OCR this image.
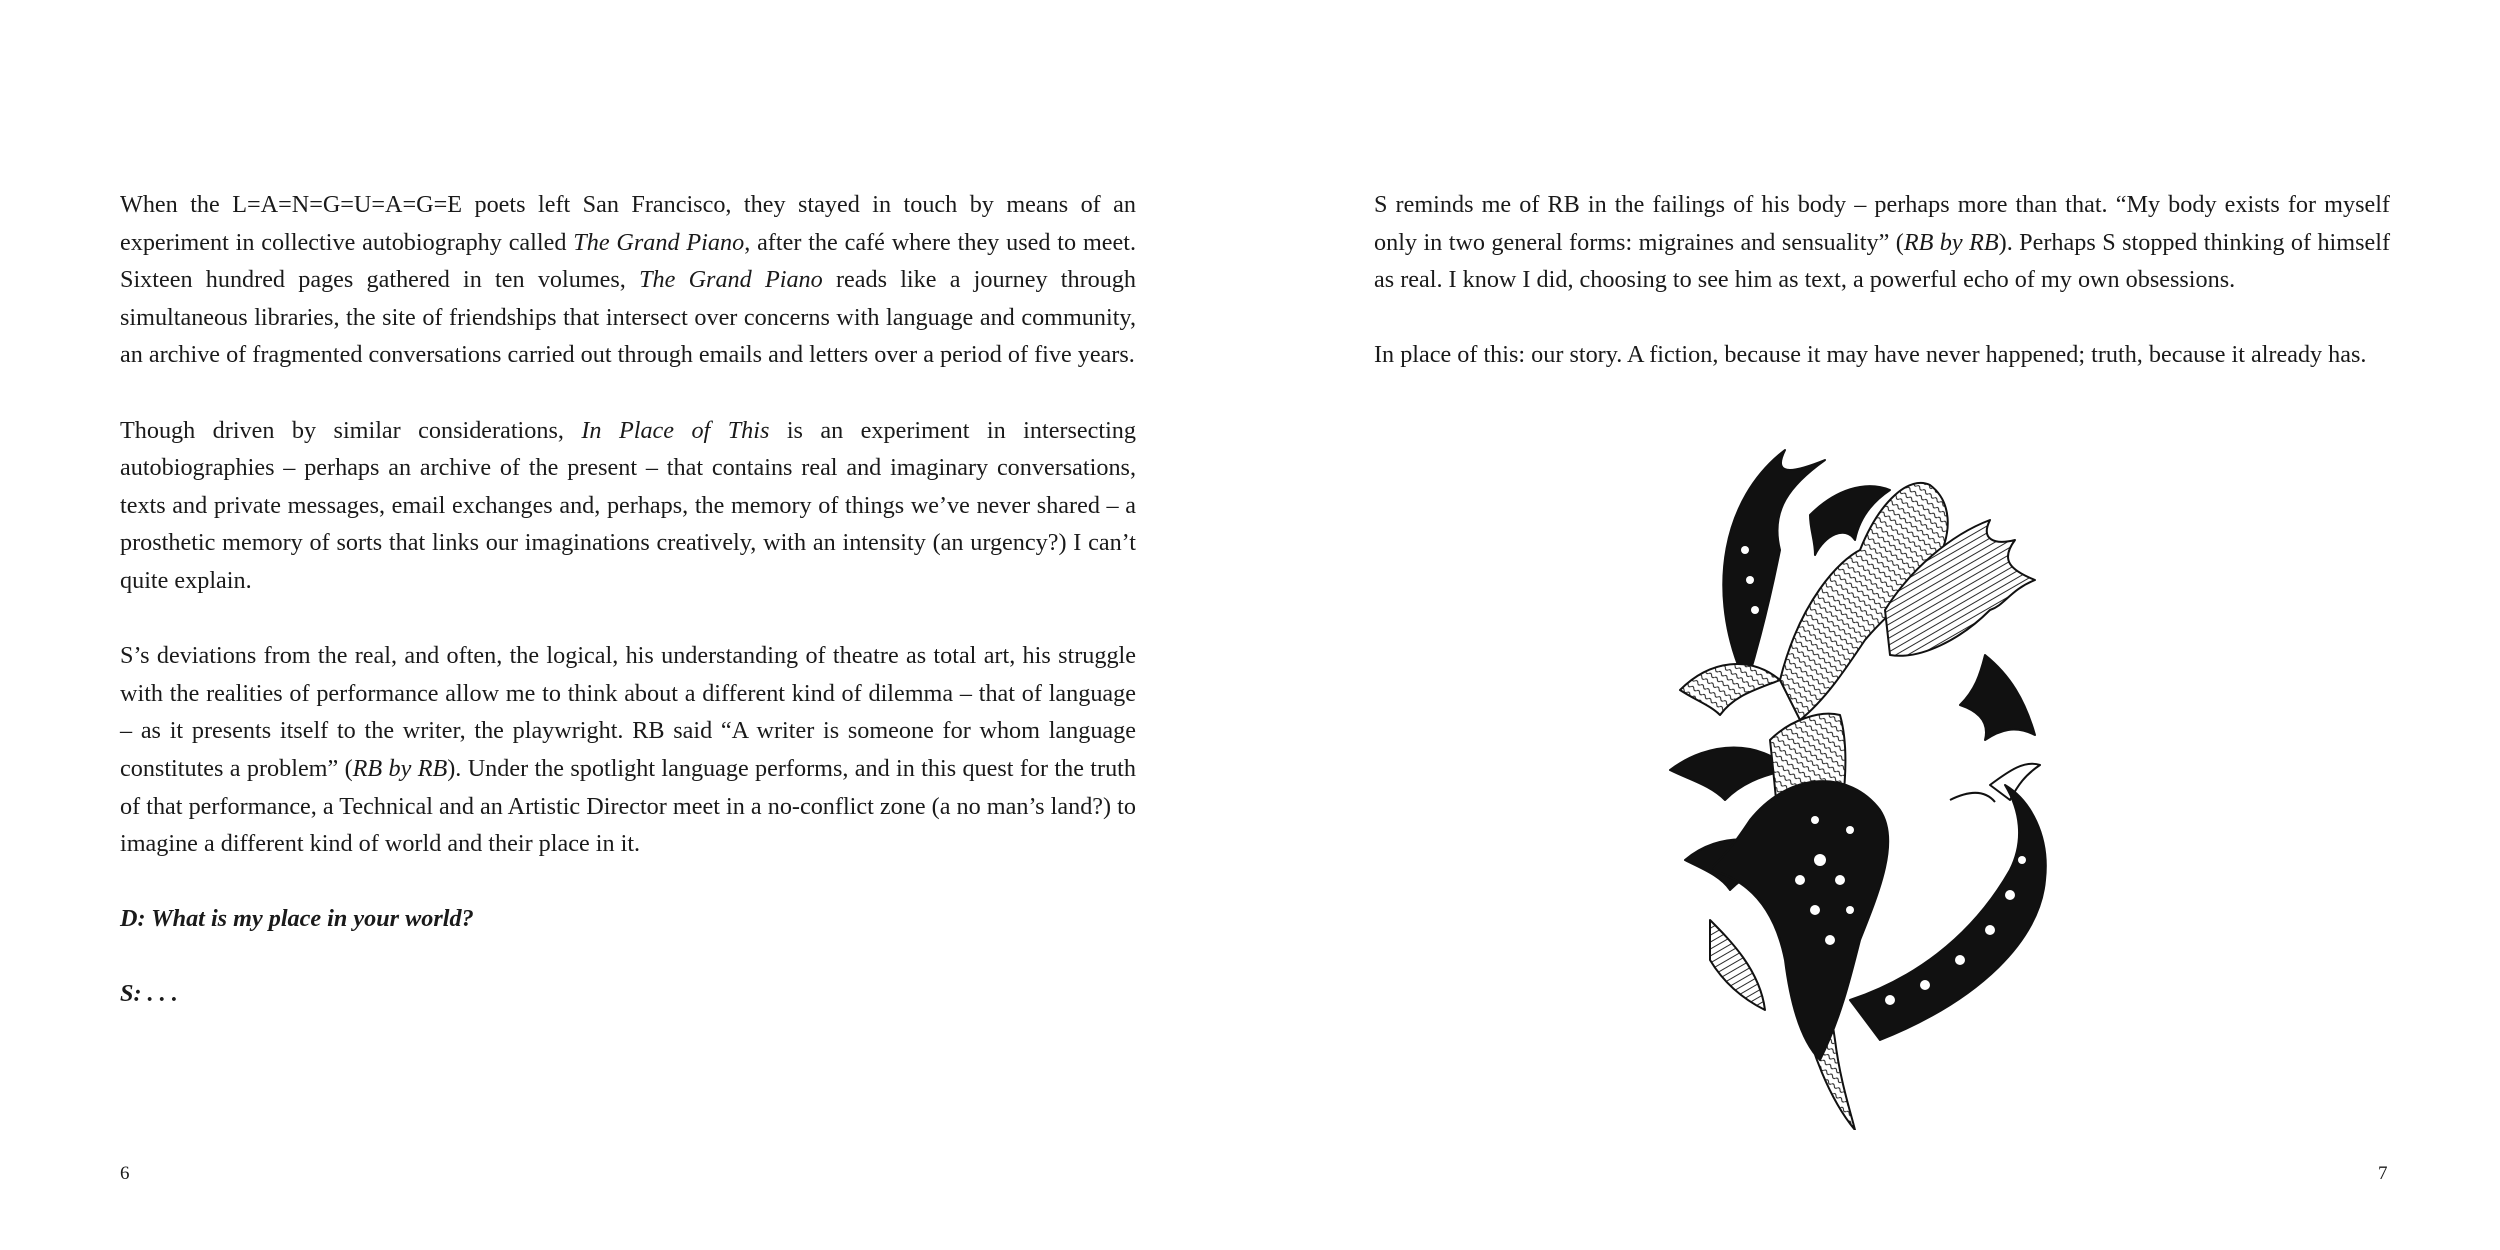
When the L=A=N=G=U=A=G=E poets left San Francisco, they stayed in touch by means of an experiment in collective autobiography called The Grand Piano, after the café where they used to meet. Sixteen hundred pages gathered in ten volumes, The Grand Piano reads like a journey through simultaneous libraries, the site of friendships that intersect over concerns with language and community, an archive of fragmented conversations carried out through emails and letters over a period of five years.

Though driven by similar considerations, In Place of This is an experiment in intersecting autobiographies – perhaps an archive of the present – that contains real and imaginary conversations, texts and private messages, email exchanges and, perhaps, the memory of things we’ve never shared – a prosthetic memory of sorts that links our imaginations creatively, with an intensity (an urgency?) I can’t quite explain.

S’s deviations from the real, and often, the logical, his understanding of theatre as total art, his struggle with the realities of performance allow me to think about a different kind of dilemma – that of language – as it presents itself to the writer, the playwright. RB said “A writer is someone for whom language constitutes a problem” (RB by RB). Under the spotlight language performs, and in this quest for the truth of that performance, a Technical and an Artistic Director meet in a no-conflict zone (a no man’s land?) to imagine a different kind of world and their place in it.

D: What is my place in your world?

S: . . .

6

S reminds me of RB in the failings of his body – perhaps more than that. “My body exists for myself only in two general forms: migraines and sensuality” (RB by RB). Perhaps S stopped thinking of himself as real. I know I did, choosing to see him as text, a powerful echo of my own obsessions.

In place of this: our story. A fiction, because it may have never happened; truth, because it already has.

7
